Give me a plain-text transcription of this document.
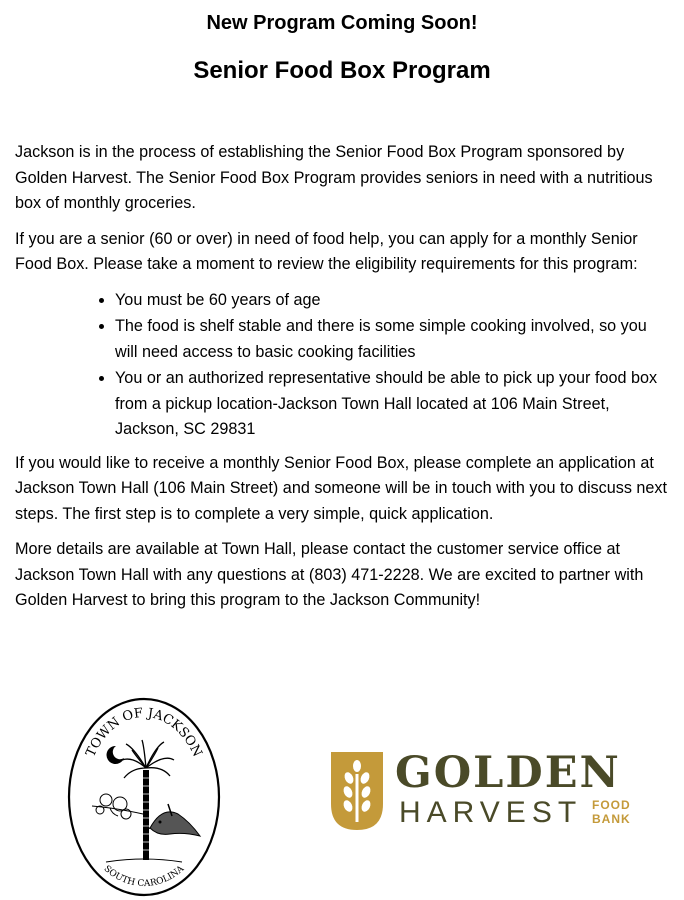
New Program Coming Soon!
Senior Food Box Program

Jackson is in the process of establishing the Senior Food Box Program sponsored by Golden Harvest. The Senior Food Box Program provides seniors in need with a nutritious box of monthly groceries.

If you are a senior (60 or over) in need of food help, you can apply for a monthly Senior Food Box. Please take a moment to review the eligibility requirements for this program:

• You must be 60 years of age
• The food is shelf stable and there is some simple cooking involved, so you will need access to basic cooking facilities
• You or an authorized representative should be able to pick up your food box from a pickup location-Jackson Town Hall located at 106 Main Street, Jackson, SC 29831

If you would like to receive a monthly Senior Food Box, please complete an application at Jackson Town Hall (106 Main Street) and someone will be in touch with you to discuss next steps. The first step is to complete a very simple, quick application.

More details are available at Town Hall, please contact the customer service office at Jackson Town Hall with any questions at (803) 471-2228. We are excited to partner with Golden Harvest to bring this program to the Jackson Community!

TOWN OF JACKSON
SOUTH CAROLINA
GOLDEN
HARVEST FOOD
BANK
